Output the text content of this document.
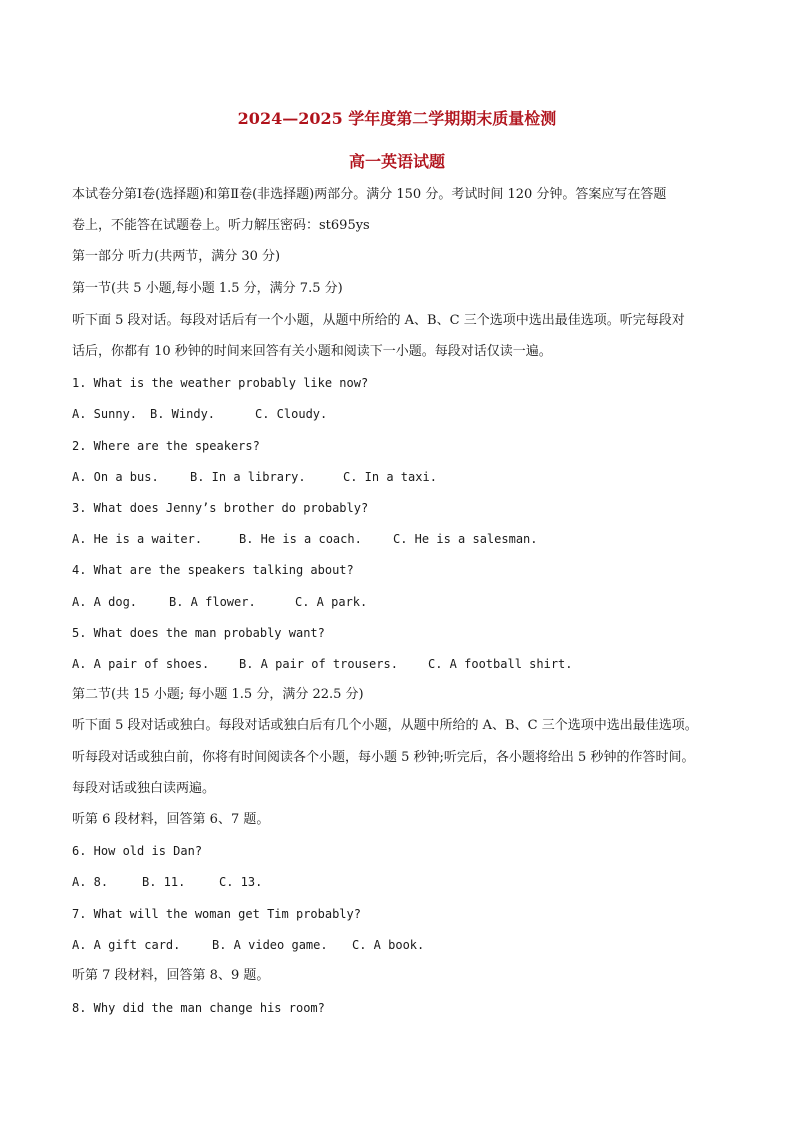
2024—2025 学年度第二学期期末质量检测
高一英语试题
本试卷分第Ⅰ卷(选择题)和第Ⅱ卷(非选择题)两部分。满分 150 分。考试时间 120 分钟。答案应写在答题
卷上，不能答在试题卷上。听力解压密码：st695ys
第一部分 听力(共两节，满分 30 分)
第一节(共 5 小题,每小题 1.5 分，满分 7.5 分)
听下面 5 段对话。每段对话后有一个小题，从题中所给的 A、B、C 三个选项中选出最佳选项。听完每段对
话后，你都有 10 秒钟的时间来回答有关小题和阅读下一小题。每段对话仅读一遍。
1. What is the weather probably like now?
A. Sunny. B. Windy.	C. Cloudy.
2. Where are the speakers?
A. On a bus.	B. In a library.	C. In a taxi.
3. What does Jenny’s brother do probably?
A. He is a waiter.	B. He is a coach.	C. He is a salesman.
4. What are the speakers talking about?
A. A dog.	B. A flower.	C. A park.
5. What does the man probably want?
A. A pair of shoes. B. A pair of trousers.	C. A football shirt.
第二节(共 15 小题; 每小题 1.5 分，满分 22.5 分)
听下面 5 段对话或独白。每段对话或独白后有几个小题，从题中所给的 A、B、C 三个选项中选出最佳选项。
听每段对话或独白前，你将有时间阅读各个小题，每小题 5 秒钟;听完后，各小题将给出 5 秒钟的作答时间。
每段对话或独白读两遍。
听第 6 段材料，回答第 6、7 题。
6. How old is Dan?
A. 8.	B. 11.	C. 13.
7. What will the woman get Tim probably?
A. A gift card.	B. A video game. C. A book.
听第 7 段材料，回答第 8、9 题。
8. Why did the man change his room?
